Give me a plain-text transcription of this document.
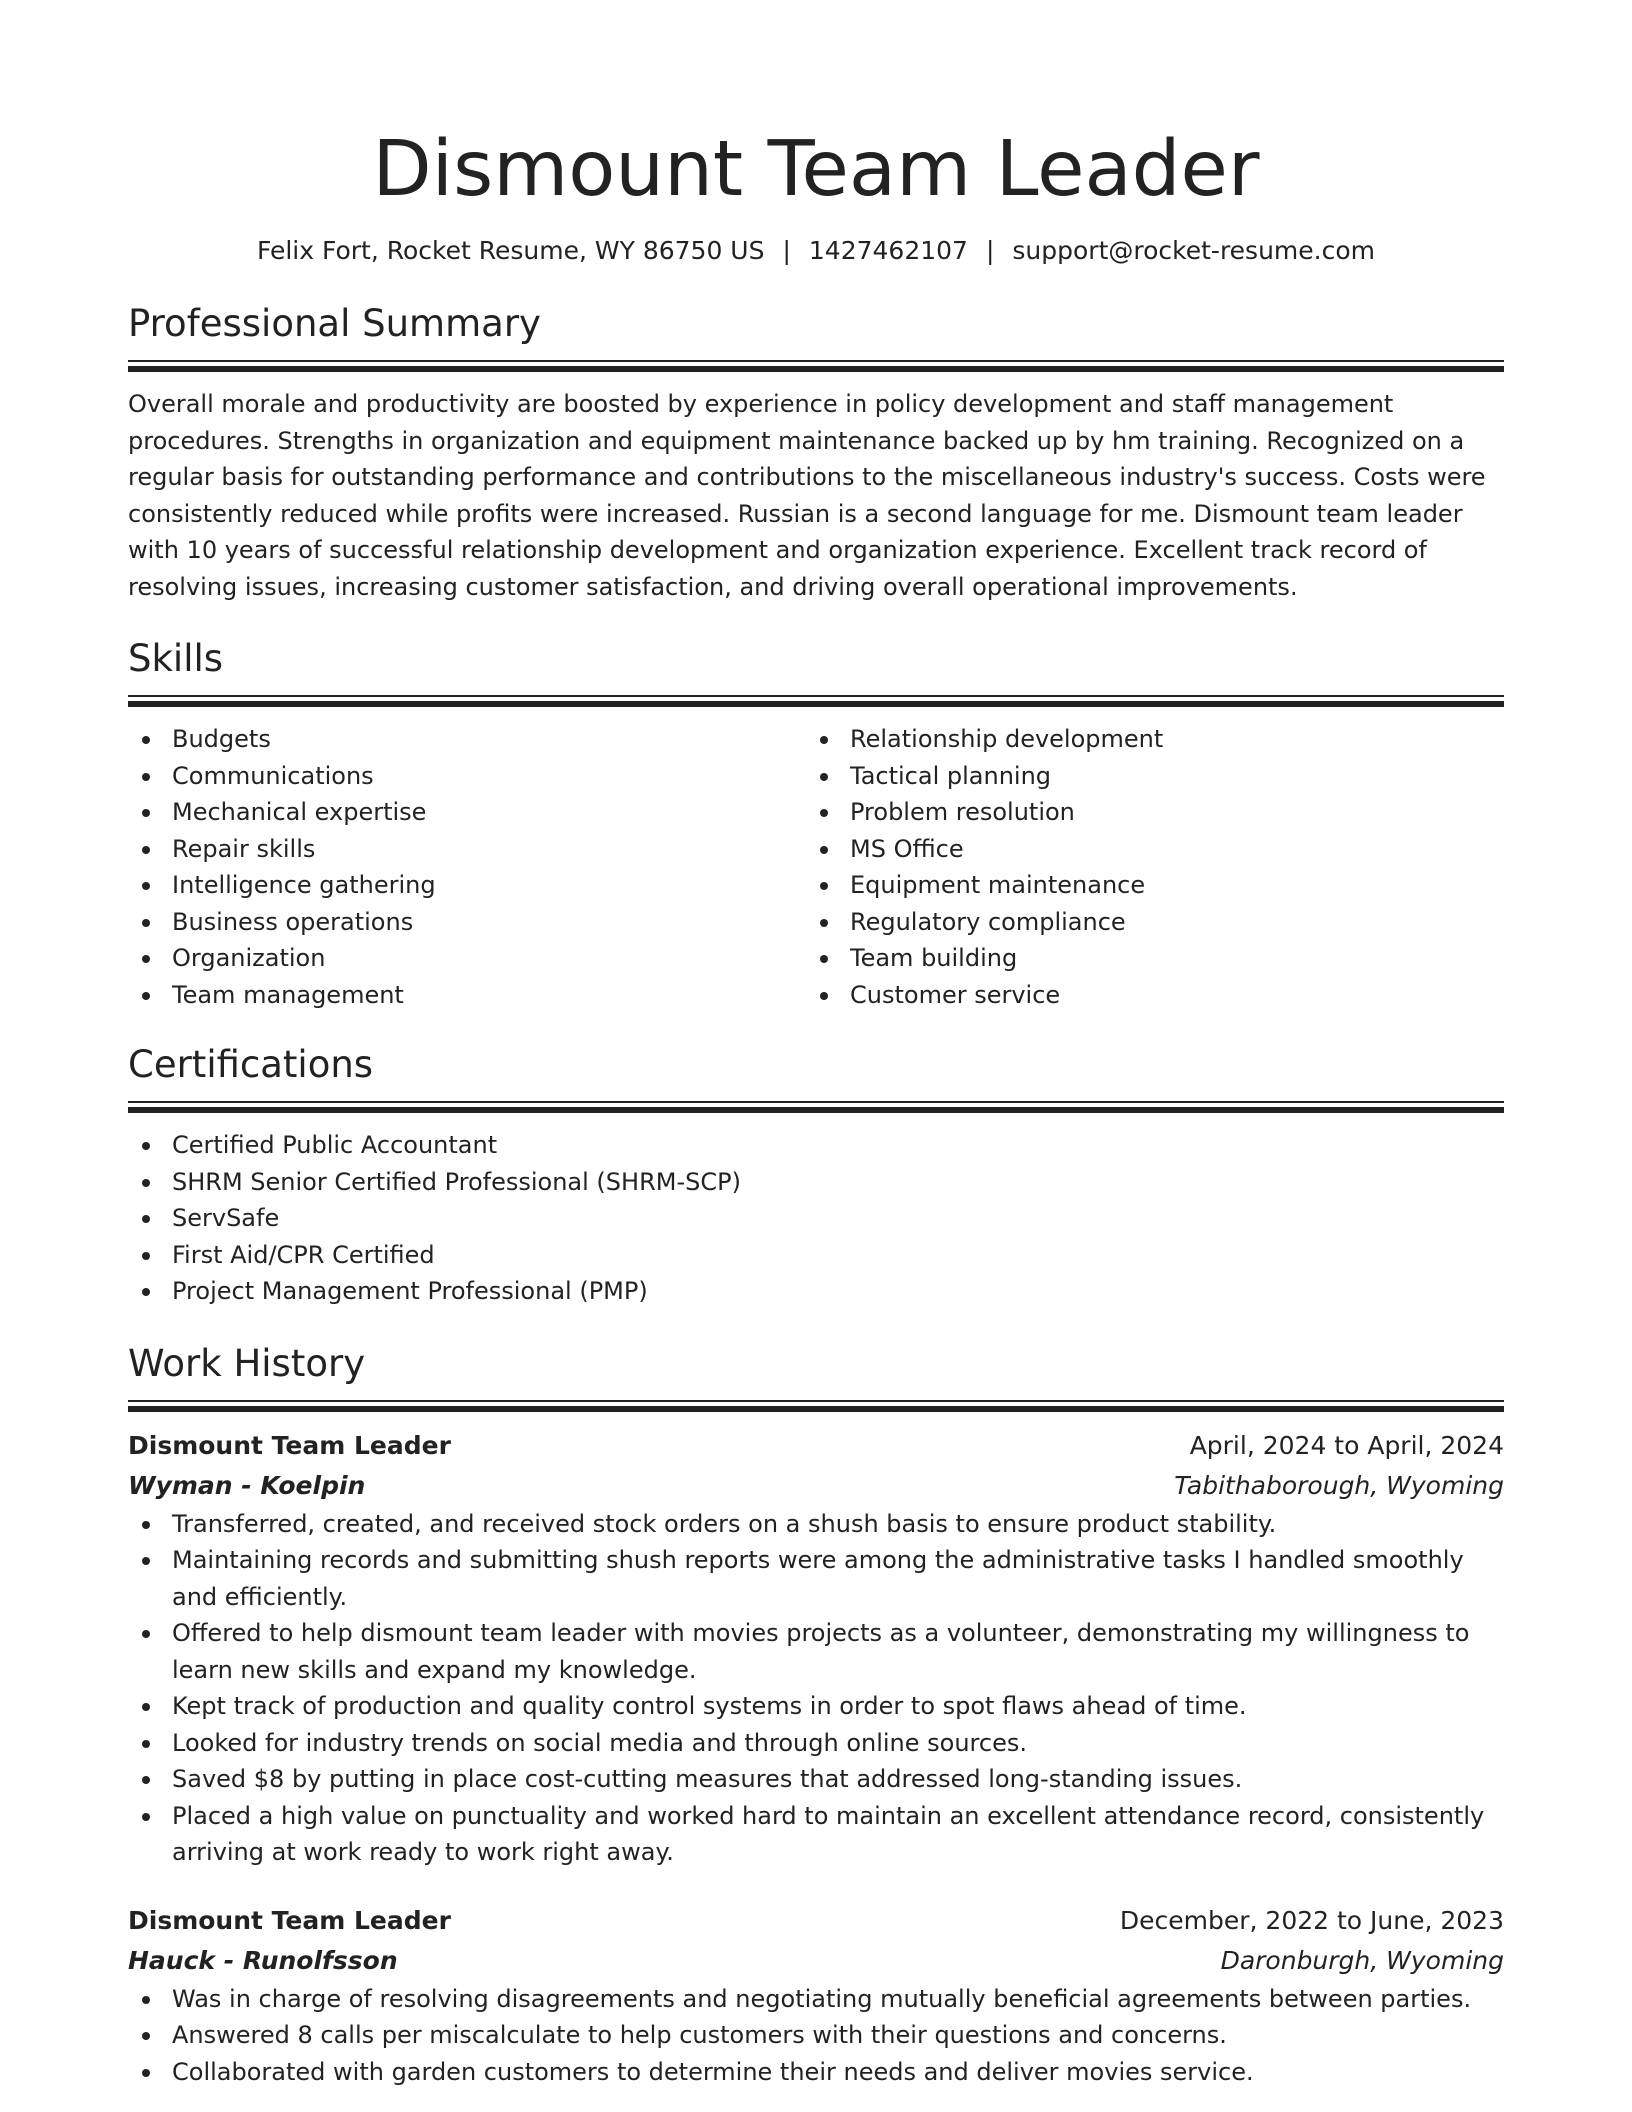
Dismount Team Leader
Felix Fort, Rocket Resume, WY 86750 US | 1427462107 | support@rocket-resume.com
Professional Summary

Overall morale and productivity are boosted by experience in policy development and staff management procedures. Strengths in organization and equipment maintenance backed up by hm training. Recognized on a regular basis for outstanding performance and contributions to the miscellaneous industry's success. Costs were consistently reduced while profits were increased. Russian is a second language for me. Dismount team leader with 10 years of successful relationship development and organization experience. Excellent track record of resolving issues, increasing customer satisfaction, and driving overall operational improvements.

Skills
Budgets
Communications
Mechanical expertise
Repair skills
Intelligence gathering
Business operations
Organization
Team management
Relationship development
Tactical planning
Problem resolution
MS Office
Equipment maintenance
Regulatory compliance
Team building
Customer service
Certifications
Certified Public Accountant
SHRM Senior Certified Professional (SHRM-SCP)
ServSafe
First Aid/CPR Certified
Project Management Professional (PMP)
Work History
Dismount Team Leader	April, 2024 to April, 2024
Wyman - Koelpin	Tabithaborough, Wyoming
Transferred, created, and received stock orders on a shush basis to ensure product stability.
Maintaining records and submitting shush reports were among the administrative tasks I handled smoothly and efficiently.
Offered to help dismount team leader with movies projects as a volunteer, demonstrating my willingness to learn new skills and expand my knowledge.
Kept track of production and quality control systems in order to spot flaws ahead of time.
Looked for industry trends on social media and through online sources.
Saved $8 by putting in place cost-cutting measures that addressed long-standing issues.
Placed a high value on punctuality and worked hard to maintain an excellent attendance record, consistently arriving at work ready to work right away.
Dismount Team Leader	December, 2022 to June, 2023
Hauck - Runolfsson	Daronburgh, Wyoming
Was in charge of resolving disagreements and negotiating mutually beneficial agreements between parties.
Answered 8 calls per miscalculate to help customers with their questions and concerns.
Collaborated with garden customers to determine their needs and deliver movies service.
